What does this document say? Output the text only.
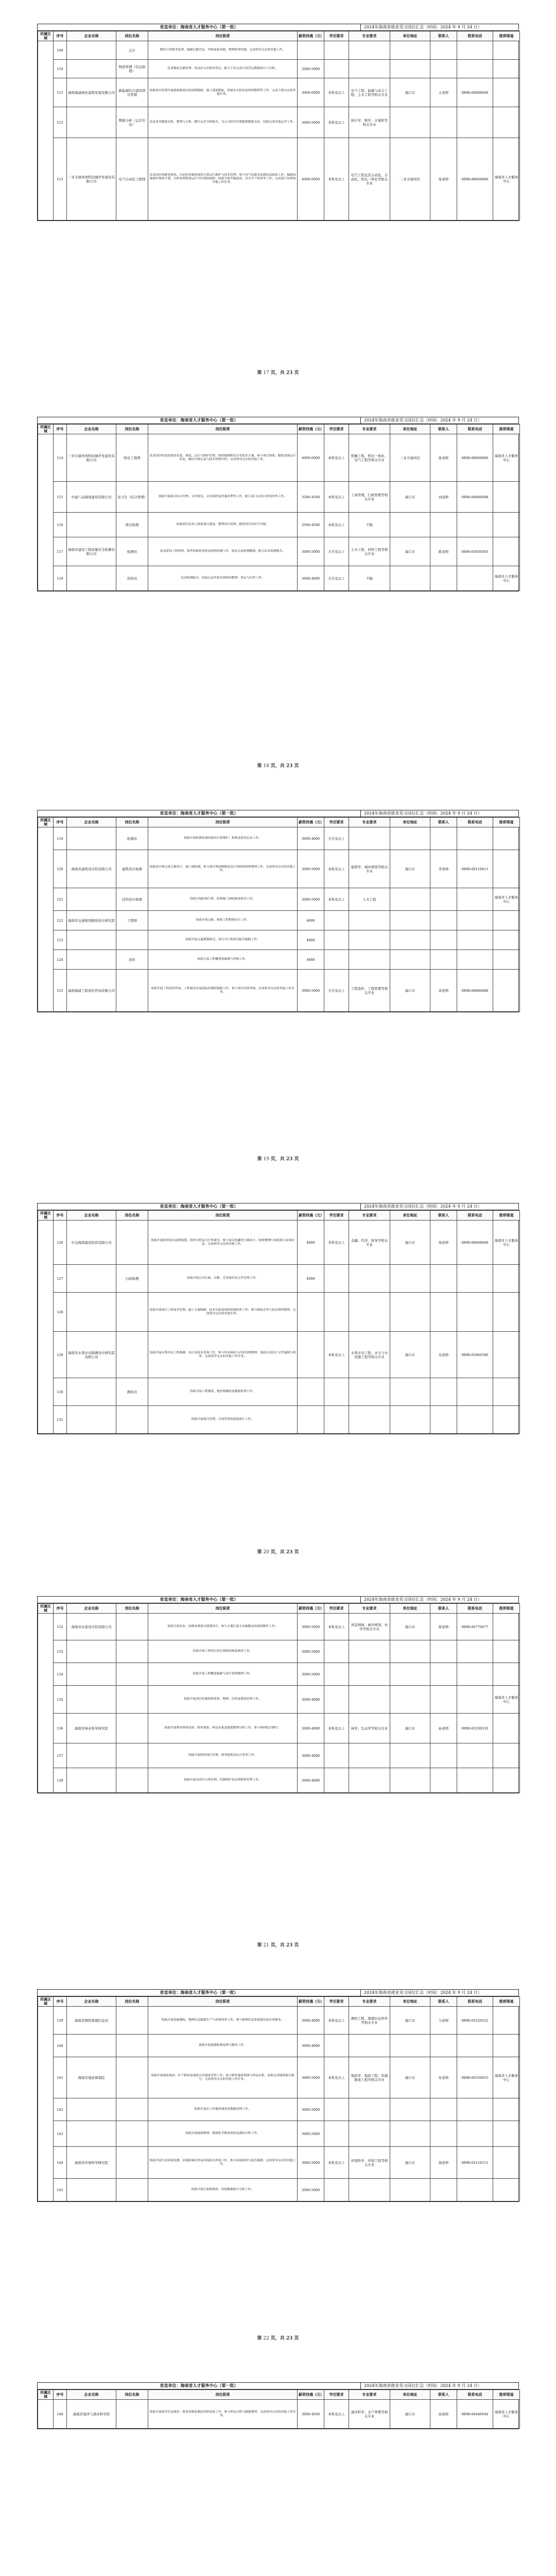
省直单位：海南省人才服务中心（第一批）	2024年海南省就业见习岗位汇总（时间：2024 年 9 月 24 日）
所属区域	序号	企业名称	岗位名称	岗位职责	薪资待遇（元）	学历要求	专业要求	单位地址	联系人	联系电话	推荐渠道
	109		会计	做好日常账务处理，编制记账凭证，审核原始单据，整理财务档案，完成领导交办的其他工作。							
	110		物流管理（营运助理）	负责物流仓储管理，货品出入库核对登记，配合主管完成日常营运数据统计与分析。	3000-5000						
	111	海南城建绿色建筑发展有限公司	新能源综合建设项目管理	协助项目经理开展新能源项目的前期调研、施工进度跟踪、质量安全检查及资料整理等工作；完成上级交办的其他任务。	3000-6000	本科及以上	电气工程、能源与动力工程、土木工程等相关专业	海口市	王老师	0898-68688668	
	112		数据分析（运营专员）	负责业务数据采集、整理与分析，撰写运营分析报告，为公司经营决策提供数据支持，协助完成其他运营工作。	3000-5000	本科及以上	统计学、数学、计算机等相关专业				
	113	三亚市崖州湾科技城开发建设有限公司	电气自动化工程师	负责园区供配电系统、自动化控制系统的日常运行维护与技术管理；参与电气设备安装调试及验收工作；编制设备维护保养计划，分析处理系统运行中出现的故障；协助开展节能改造、安全生产检查等工作；完成部门安排的其他工作任务。	4000-6000	本科及以上	电气工程及其自动化、自动化、机电一体化等相关专业	三亚市崖州区	张老师	0898-88668866	海南省人才服务中心
第 17 页，共 23 页
省直单位：海南省人才服务中心（第一批）	2024年海南省就业见习岗位汇总（时间：2024 年 9 月 24 日）
所属区域	序号	企业名称	岗位名称	岗位职责	薪资待遇（元）	学历要求	专业要求	单位地址	联系人	联系电话	推荐渠道
	114	三亚市崖州湾科技城开发建设有限公司	机电工程师	负责园区机电设备的安装、调试、运行与维护管理，组织编制机电专业技术方案，参与项目验收；跟踪设备运行状态，做好台账记录与技术资料归档，完成领导交办的其他工作。	4000-6000	本科及以上	机械工程、机电一体化、电气工程等相关专业	三亚市崖州区	张老师	0898-88668866	海南省人才服务中心
	115	中建八局海南建设有限公司	见习生（综合管理）	协助开展项目综合管理、文件收发、会议组织及档案管理等工作，配合部门完成日常事务性工作。	3500-4500	本科及以上	工商管理、行政管理等相关专业	海口市	刘老师	0898-66886688	
	116		项目助理	协助项目负责人推进项目进度，整理项目资料，跟进项目各环节对接。	3500-4500	本科及以上	不限				
	117	海南省建设工程质量安全检测有限公司	检测员	负责建设工程材料、构件的取样送检及现场检测工作，如实记录检测数据，配合出具检测报告。	3000-5000	大专及以上	土木工程、材料工程等相关专业	海口市	陈老师	0898-65656565	
	118		资料员	负责检测报告、原始记录等技术资料的整理、登记与归档工作。	3000-4000	大专及以上	不限				海南省人才服务中心
第 18 页，共 23 页
省直单位：海南省人才服务中心（第一批）	2024年海南省就业见习岗位汇总（时间：2024 年 9 月 24 日）
所属区域	序号	企业名称	岗位名称	岗位职责	薪资待遇（元）	学历要求	专业要求	单位地址	联系人	联系电话	推荐渠道
	119		检测员	协助开展检测仪器设备的日常维护、校准及使用记录工作。	3000-4000	大专及以上					
	120	海南省建筑设计院有限公司	建筑设计助理	协助设计师完成方案设计、施工图绘制，参与项目现场踏勘及设计资料的收集整理工作，完成领导交办的其他工作。	3000-5000	本科及以上	建筑学、城乡规划等相关专业	海口市	李老师	0898-66116611	
	121		结构设计助理	协助开展结构计算、结构施工图绘制及校对工作。	3000-5000	本科及以上	土木工程				海南省人才服务中心
	122	海南省交通规划勘察设计研究院	工程师	协助开展公路、桥梁工程勘察设计工作。	4000						
	123			协助开展交通规划研究、项目可行性研究报告编制工作。	4000						
	124		造价	协助开展工程概预算编制与审核工作。	4000						
	125	海南海建工程造价咨询有限公司		协助开展工程造价咨询、工程量清单及招标控制价编制工作，参与项目结算审核，完成领导交办的其他工作任务。	3000-5000	大专及以上	工程造价、工程管理等相关专业	海口市	黄老师	0898-68886888	
第 19 页，共 23 页
省直单位：海南省人才服务中心（第一批）	2024年海南省就业见习岗位汇总（时间：2024 年 9 月 24 日）
所属区域	序号	企业名称	岗位名称	岗位职责	薪资待遇（元）	学历要求	专业要求	单位地址	联系人	联系电话	推荐渠道
	126	中交海南建设投资有限公司		协助开展投资项目前期策划、投资分析及可行性研究；参与项目投融资方案设计，收集整理行业政策与市场信息，完成领导交办的其他工作。	4000	本科及以上	金融、经济、财务等相关专业	海口市	周老师	0898-68668668	海南省人才服务中心
	127		行政助理	协助开展公司行政、后勤、会务接待及文件管理工作。	4000						
	128			协助开展项目工程技术管理、施工方案编制、技术交底及现场质量检查工作；参与图纸会审与技术资料整理，完成领导交办的其他任务。							
	129	海南省水利水电勘测设计研究院有限公司		协助开展水利水电工程勘测、设计及技术咨询工作，参与外业调查与内业资料整理；协助完成设计文件编制与校审，完成领导交办的其他工作任务。		本科及以上	水利水电工程、水文与水资源工程等相关专业	海口市	吴老师	0898-65866586	
	130		测绘员	协助开展工程测量、地形图测绘及数据处理工作。							
	131			协助开展项目管理、合同管理及进度统计工作。							
第 20 页，共 23 页
省直单位：海南省人才服务中心（第一批）	2024年海南省就业见习岗位汇总（时间：2024 年 9 月 24 日）
所属区域	序号	企业名称	岗位名称	岗位职责	薪资待遇（元）	学历要求	专业要求	单位地址	联系人	联系电话	推荐渠道
	132	海南省农垦设计院有限公司		协助开展农业、园林景观项目规划设计，参与方案汇报文本编制及效果图制作工作。	3000-5000	本科及以上	风景园林、城乡规划、农学等相关专业	海口市	郑老师	0898-66776677	
	133			协助开展工程项目设计图纸绘制及修改工作。	3000-5000						
	134			协助开展工程概算编制与设计资料整理工作。	3000-5000						
	135			协助开展项目档案资料收集、整理、归档及借阅管理工作。	3000-4000						海南省人才服务中心
	136	海南省林业科学研究院		协助开展林业科研试验、野外调查、样品采集及数据整理分析工作，参与科研报告撰写。	3000-4000	本科及以上	林学、生态学等相关专业	海口市	孙老师	0898-65336533	
	137			协助开展科研项目管理、财务报账及综合事务工作。	3000-4000						
	138			协助开展实验室日常管理、仪器维护及试剂耗材管理工作。	3000-4000						
第 21 页，共 23 页
省直单位：海南省人才服务中心（第一批）	2024年海南省就业见习岗位汇总（时间：2024 年 9 月 24 日）
所属区域	序号	企业名称	岗位名称	岗位职责	薪资待遇（元）	学历要求	专业要求	单位地址	联系人	联系电话	推荐渠道
	139	海南省测绘地理信息局		协助开展基础测绘、地理信息数据生产与质量检查工作，参与地理信息系统建设及应用服务。	3000-4000	本科及以上	测绘工程、地理信息科学等相关专业	海口市	马老师	0898-65226522	
	140			协助开展遥感影像处理与解译工作。	3000-4000						
	141	海南省地质调查院		协助开展地质调查、矿产勘查及地质灾害调查评价工作；参与野外地质填图与样品采集，协助完成地质报告编写，完成领导交办的其他工作任务。	3000-5000	本科及以上	地质学、地质工程、资源勘查工程等相关专业	海口市	朱老师	0898-66556655	海南省人才服务中心
	142			协助开展水工环地质调查及数据处理工作。	3000-5000						
	143			协助开展地球物理、地球化学勘查及样品测试分析工作。	3000-5000						
	144	海南省环境科学研究院		协助开展生态环境监测、环境影响评价及环保技术咨询工作，参与环境调查与报告编制，完成领导交办的其他工作。	3000-5000	本科及以上	环境科学、环境工程等相关专业	海口市	胡老师	0898-65116511	
	145			协助开展污染源调查、环境数据统计分析工作。	3000-5000						
第 22 页，共 23 页
省直单位：海南省人才服务中心（第一批）	2024年海南省就业见习岗位汇总（时间：2024 年 9 月 24 日）
所属区域	序号	企业名称	岗位名称	岗位职责	薪资待遇（元）	学历要求	专业要求	单位地址	联系人	联系电话	推荐渠道
	146	海南省海洋与渔业科学院		协助开展海洋生态调查、渔业资源监测及科研试验工作，参与样品分析与数据整理，完成领导交办的其他工作任务。	3000-4500	本科及以上	海洋科学、水产养殖等相关专业	海口市	高老师	0898-66446644	海南省人才服务中心
